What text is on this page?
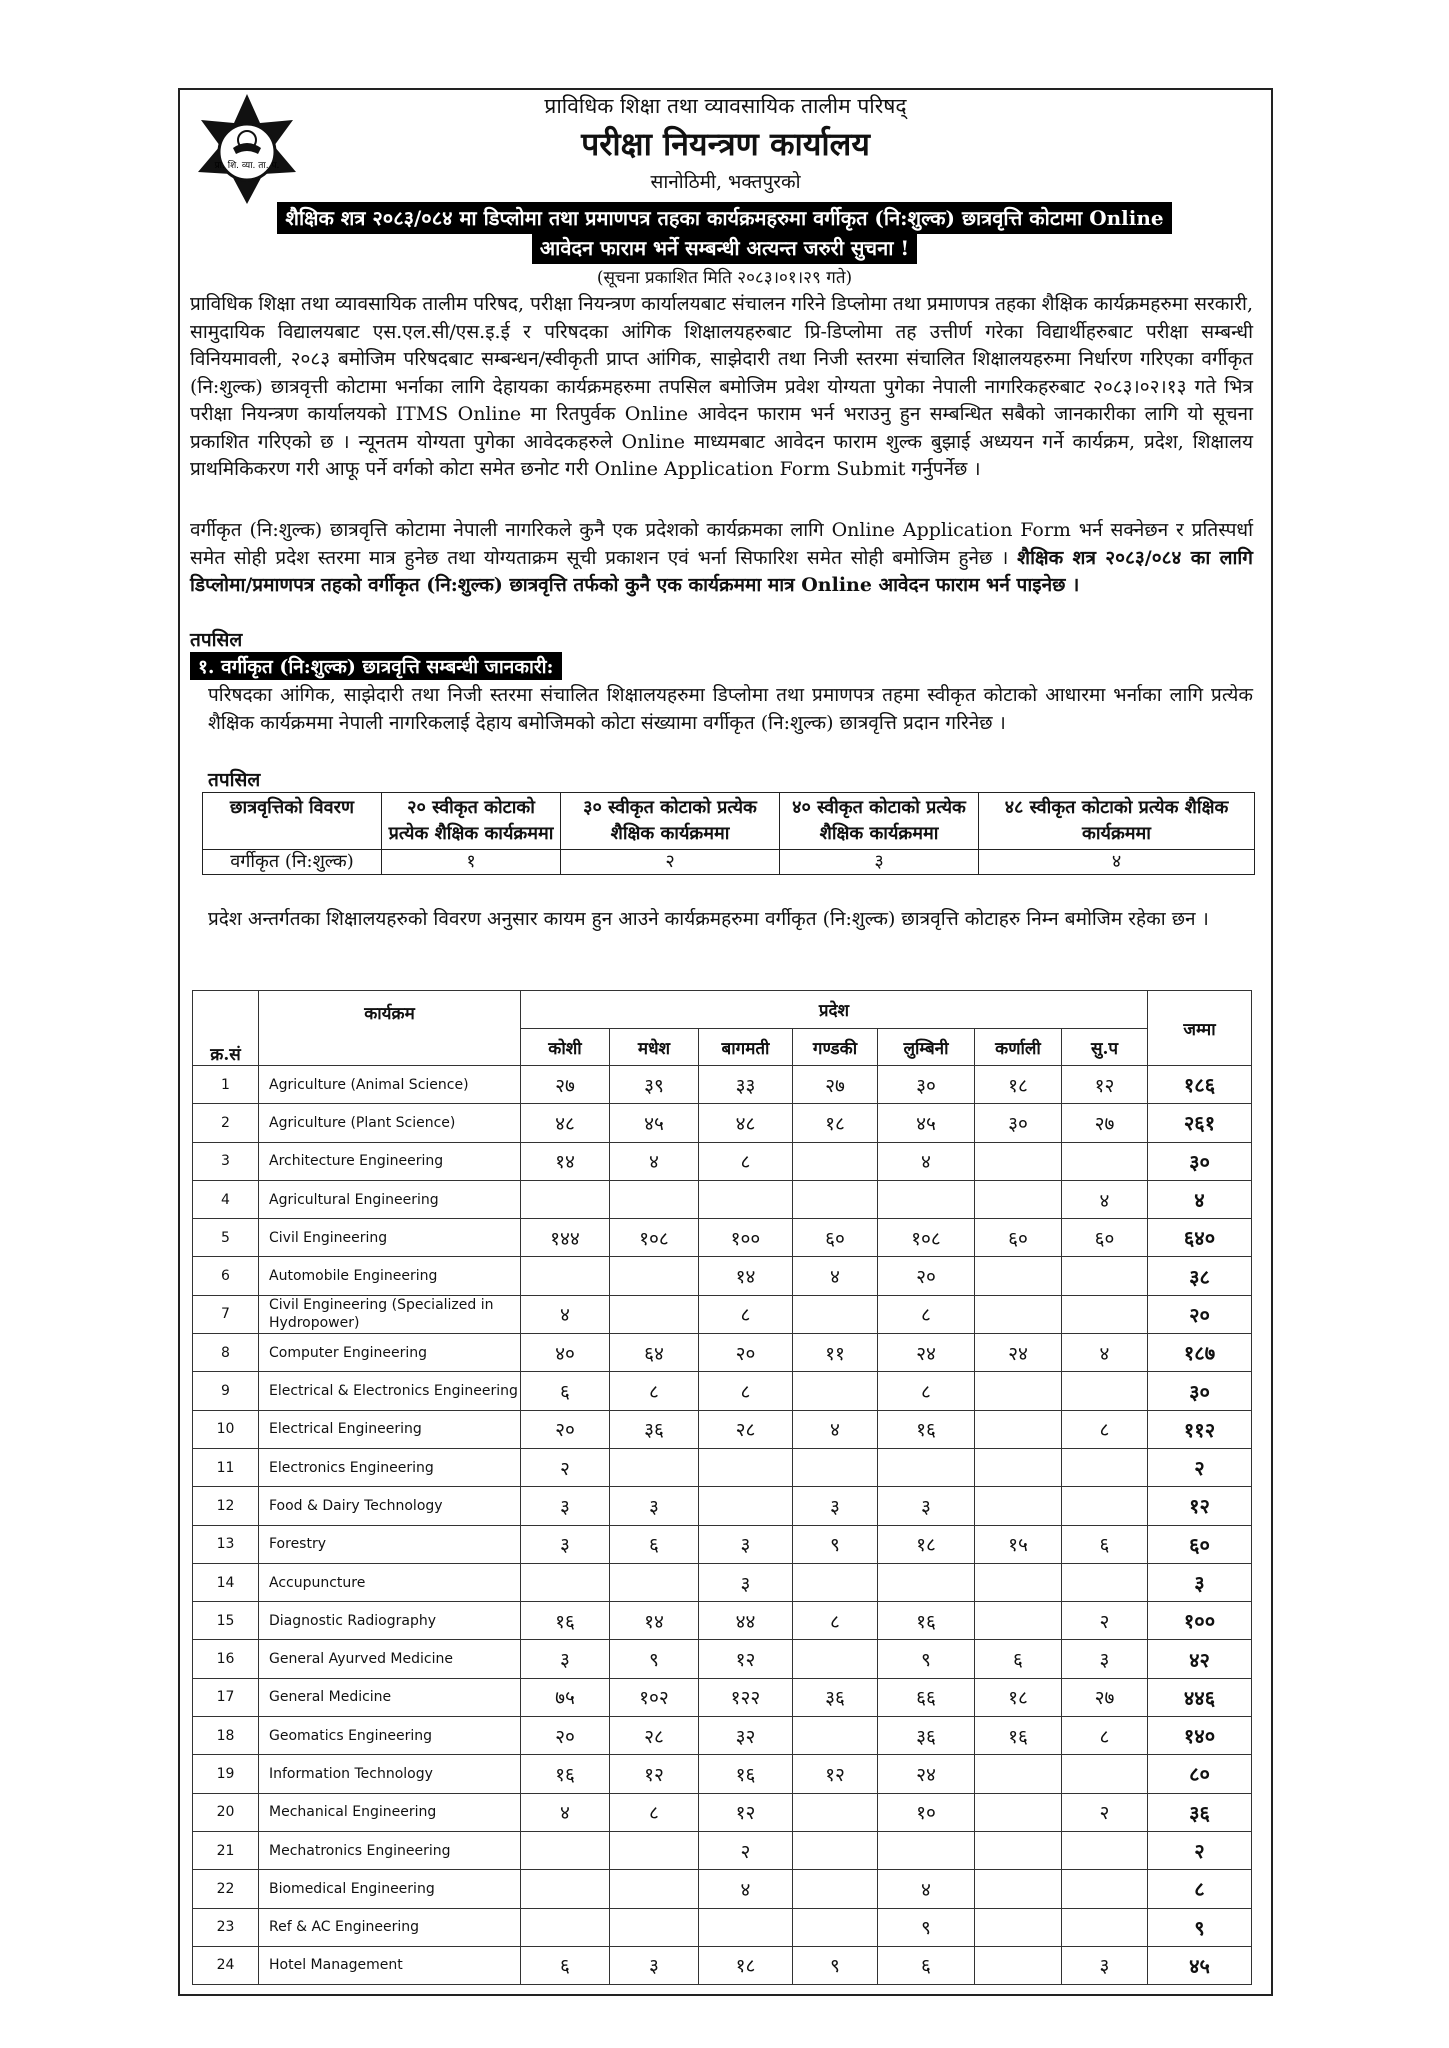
प्रा. शि. व्या. ता. प.
प्राविधिक शिक्षा तथा व्यावसायिक तालीम परिषद्
परीक्षा नियन्त्रण कार्यालय
सानोठिमी, भक्तपुरको
शैक्षिक शत्र २०८३/०८४ मा डिप्लोमा तथा प्रमाणपत्र तहका कार्यक्रमहरुमा वर्गीकृत (नि:शुल्क) छात्रवृत्ति कोटामा Online
आवेदन फाराम भर्ने सम्बन्धी अत्यन्त जरुरी सुचना !
(सूचना प्रकाशित मिति २०८३।०१।२९ गते)
प्राविधिक शिक्षा तथा व्यावसायिक तालीम परिषद, परीक्षा नियन्त्रण कार्यालयबाट संचालन गरिने डिप्लोमा तथा प्रमाणपत्र तहका शैक्षिक कार्यक्रमहरुमा सरकारी, सामुदायिक विद्यालयबाट एस.एल.सी/एस.इ.ई र परिषदका आंगिक शिक्षालयहरुबाट प्रि-डिप्लोमा तह उत्तीर्ण गरेका विद्यार्थीहरुबाट परीक्षा सम्बन्धी विनियमावली, २०८३ बमोजिम परिषदबाट सम्बन्धन/स्वीकृती प्राप्त आंगिक, साझेदारी तथा निजी स्तरमा संचालित शिक्षालयहरुमा निर्धारण गरिएका वर्गीकृत (नि:शुल्क) छात्रवृत्ती कोटामा भर्नाका लागि देहायका कार्यक्रमहरुमा तपसिल बमोजिम प्रवेश योग्यता पुगेका नेपाली नागरिकहरुबाट २०८३।०२।१३ गते भित्र परीक्षा नियन्त्रण कार्यालयको ITMS Online मा रितपुर्वक Online आवेदन फाराम भर्न भराउनु हुन सम्बन्धित सबैको जानकारीका लागि यो सूचना प्रकाशित गरिएको छ । न्यूनतम योग्यता पुगेका आवेदकहरुले Online माध्यमबाट आवेदन फाराम शुल्क बुझाई अध्ययन गर्ने कार्यक्रम, प्रदेश, शिक्षालय प्राथमिकिकरण गरी आफू पर्ने वर्गको कोटा समेत छनोट गरी Online Application Form Submit गर्नुपर्नेछ ।
वर्गीकृत (नि:शुल्क) छात्रवृत्ति कोटामा नेपाली नागरिकले कुनै एक प्रदेशको कार्यक्रमका लागि Online Application Form भर्न सक्नेछन र प्रतिस्पर्धा समेत सोही प्रदेश स्तरमा मात्र हुनेछ तथा योग्यताक्रम सूची प्रकाशन एवं भर्ना सिफारिश समेत सोही बमोजिम हुनेछ । शैक्षिक शत्र २०८३/०८४ का लागि डिप्लोमा/प्रमाणपत्र तहको वर्गीकृत (नि:शुल्क) छात्रवृत्ति तर्फको कुनै एक कार्यक्रममा मात्र Online आवेदन फाराम भर्न पाइनेछ ।
तपसिल
१. वर्गीकृत (नि:शुल्क) छात्रवृत्ति सम्बन्धी जानकारी:
परिषदका आंगिक, साझेदारी तथा निजी स्तरमा संचालित शिक्षालयहरुमा डिप्लोमा तथा प्रमाणपत्र तहमा स्वीकृत कोटाको आधारमा भर्नाका लागि प्रत्येक शैक्षिक कार्यक्रममा नेपाली नागरिकलाई देहाय बमोजिमको कोटा संख्यामा वर्गीकृत (नि:शुल्क) छात्रवृत्ति प्रदान गरिनेछ ।
तपसिल
छात्रवृत्तिको विवरण	२० स्वीकृत कोटाको प्रत्येक शैक्षिक कार्यक्रममा	३० स्वीकृत कोटाको प्रत्येक शैक्षिक कार्यक्रममा	४० स्वीकृत कोटाको प्रत्येक शैक्षिक कार्यक्रममा	४८ स्वीकृत कोटाको प्रत्येक शैक्षिक कार्यक्रममा
वर्गीकृत (नि:शुल्क)	१	२	३	४
प्रदेश अन्तर्गतका शिक्षालयहरुको विवरण अनुसार कायम हुन आउने कार्यक्रमहरुमा वर्गीकृत (नि:शुल्क) छात्रवृत्ति कोटाहरु निम्न बमोजिम रहेका छन ।
क्र.सं	कार्यक्रम	प्रदेश							जम्मा
		कोशी	मधेश	बागमती	गण्डकी	लुम्बिनी	कर्णाली	सु.प	
1	Agriculture (Animal Science)	२७	३९	३३	२७	३०	१८	१२	१८६
2	Agriculture (Plant Science)	४८	४५	४८	१८	४५	३०	२७	२६१
3	Architecture Engineering	१४	४	८		४			३०
4	Agricultural Engineering							४	४
5	Civil Engineering	१४४	१०८	१००	६०	१०८	६०	६०	६४०
6	Automobile Engineering			१४	४	२०			३८
7	Civil Engineering (Specialized in Hydropower)	४		८		८			२०
8	Computer Engineering	४०	६४	२०	११	२४	२४	४	१८७
9	Electrical & Electronics Engineering	६	८	८		८			३०
10	Electrical Engineering	२०	३६	२८	४	१६		८	११२
11	Electronics Engineering	२							२
12	Food & Dairy Technology	३	३		३	३			१२
13	Forestry	३	६	३	९	१८	१५	६	६०
14	Accupuncture			३					३
15	Diagnostic Radiography	१६	१४	४४	८	१६		२	१००
16	General Ayurved Medicine	३	९	१२		९	६	३	४२
17	General Medicine	७५	१०२	१२२	३६	६६	१८	२७	४४६
18	Geomatics Engineering	२०	२८	३२		३६	१६	८	१४०
19	Information Technology	१६	१२	१६	१२	२४			८०
20	Mechanical Engineering	४	८	१२		१०		२	३६
21	Mechatronics Engineering			२					२
22	Biomedical Engineering			४		४			८
23	Ref & AC Engineering					९			९
24	Hotel Management	६	३	१८	९	६		३	४५
